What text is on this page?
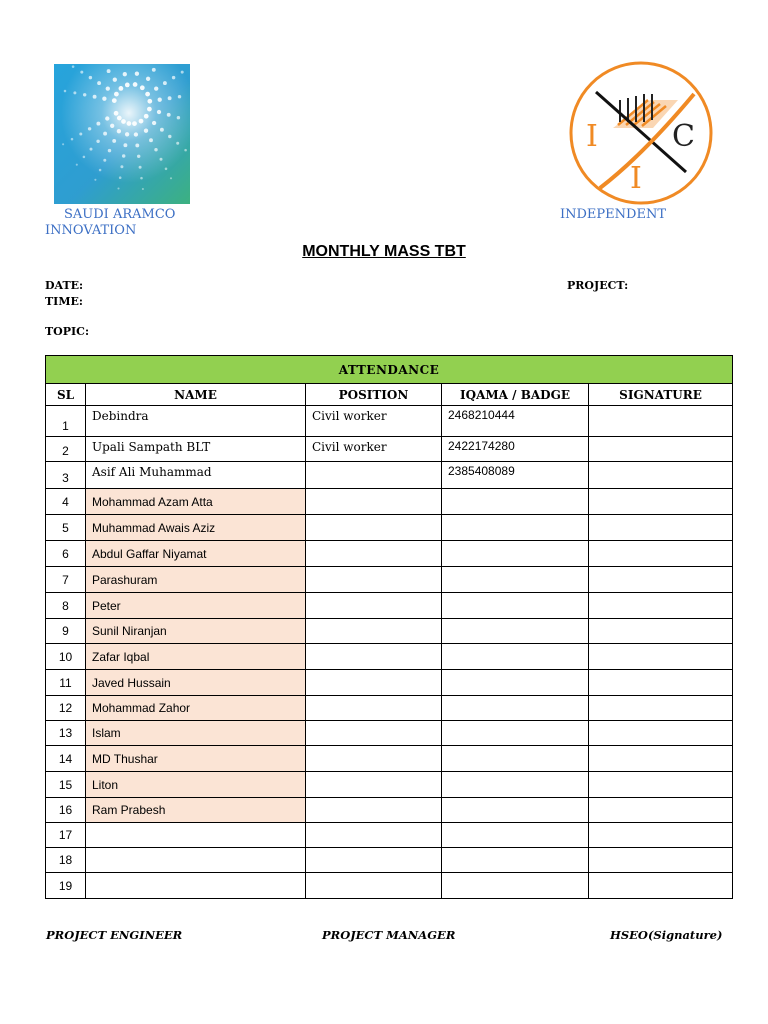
SAUDI ARAMCO
INNOVATION
I C
I
INDEPENDENT
MONTHLY MASS TBT
DATE:
TIME:
TOPIC:
PROJECT:
ATTENDANCE				
SL	NAME	POSITION	IQAMA / BADGE	SIGNATURE
1	Debindra	Civil worker	2468210444	
2	Upali Sampath BLT	Civil worker	2422174280	
3	Asif Ali Muhammad		2385408089	
4	Mohammad Azam Atta			
5	Muhammad Awais Aziz			
6	Abdul Gaffar Niyamat			
7	Parashuram			
8	Peter			
9	Sunil Niranjan			
10	Zafar Iqbal			
11	Javed Hussain			
12	Mohammad Zahor			
13	Islam			
14	MD Thushar			
15	Liton			
16	Ram Prabesh			
17				
18				
19				
PROJECT ENGINEER	PROJECT MANAGER	HSEO(Signature)
